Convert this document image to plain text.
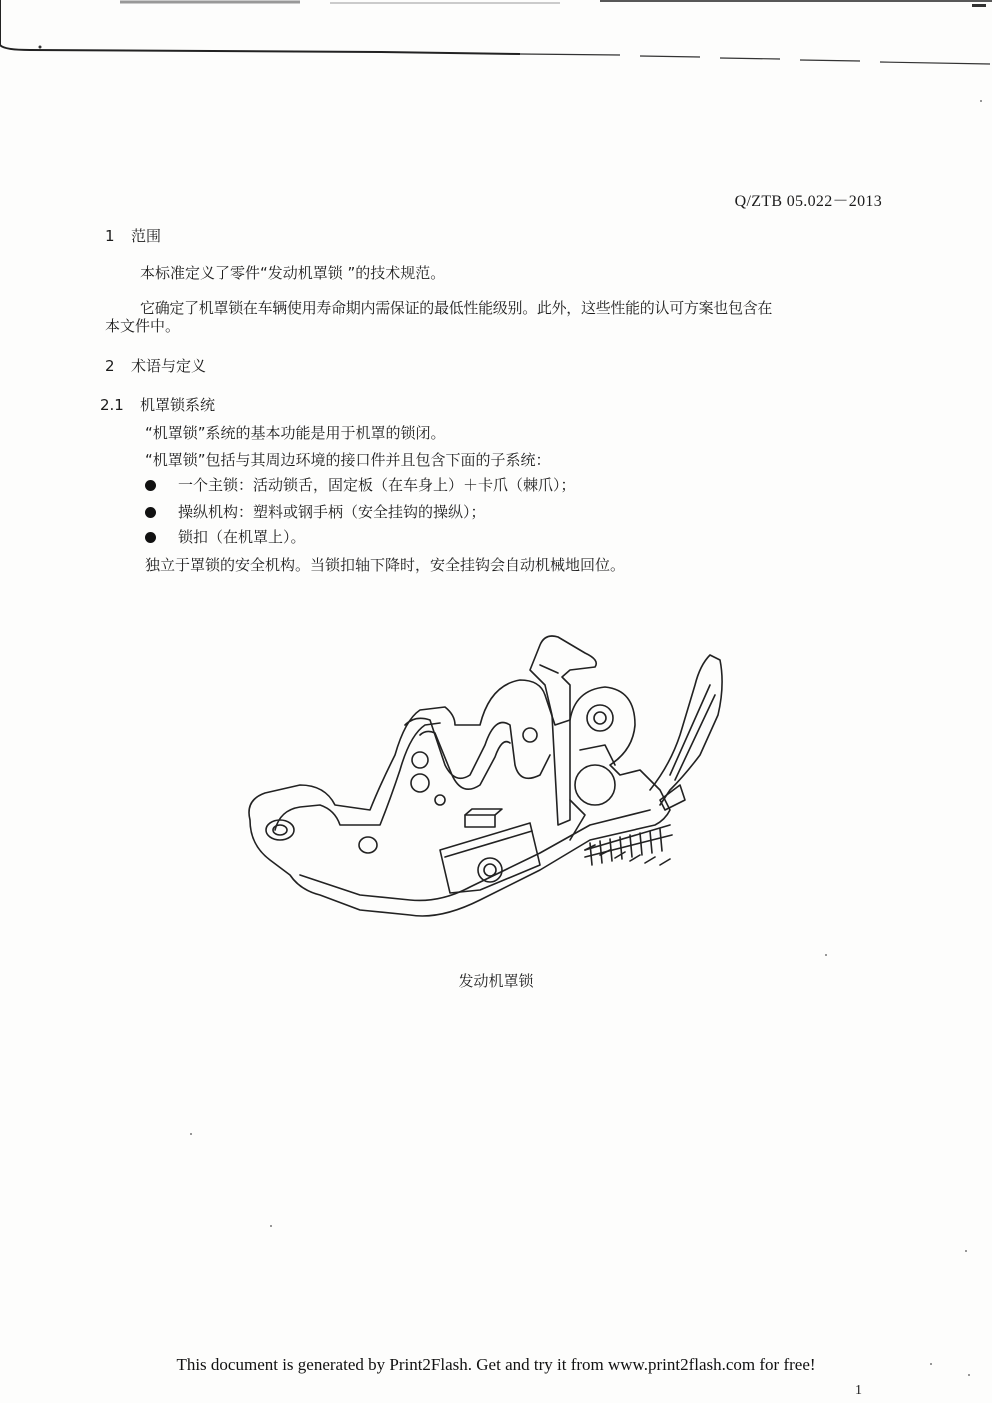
Q/ZTB 05.022－2013
1 范围
本标准定义了零件“发动机罩锁 ”的技术规范。
它确定了机罩锁在车辆使用寿命期内需保证的最低性能级别。此外，这些性能的认可方案也包含在
本文件中。
2 术语与定义
2.1 机罩锁系统
“机罩锁”系统的基本功能是用于机罩的锁闭。
“机罩锁”包括与其周边环境的接口件并且包含下面的子系统：
一个主锁：活动锁舌，固定板（在车身上）＋卡爪（棘爪）；
操纵机构：塑料或钢手柄（安全挂钩的操纵）；
锁扣（在机罩上）。
独立于罩锁的安全机构。当锁扣轴下降时，安全挂钩会自动机械地回位。
发动机罩锁
This document is generated by Print2Flash. Get and try it from www.print2flash.com for free!
1
